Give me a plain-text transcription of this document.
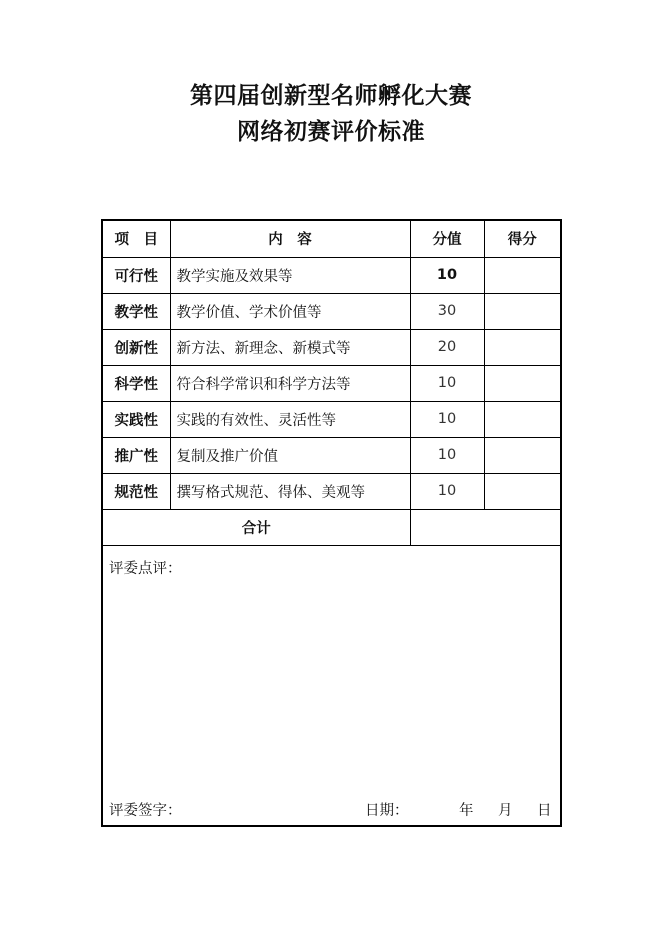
第四届创新型名师孵化大赛
网络初赛评价标准
项　目	内　容	分值	得分
可行性	教学实施及效果等	10	
教学性	教学价值、学术价值等	30	
创新性	新方法、新理念、新模式等	20	
科学性	符合科学常识和科学方法等	10	
实践性	实践的有效性、灵活性等	10	
推广性	复制及推广价值	10	
规范性	撰写格式规范、得体、美观等	10	
合计			
评委点评：
评委签字：	日期：	年 月 日
